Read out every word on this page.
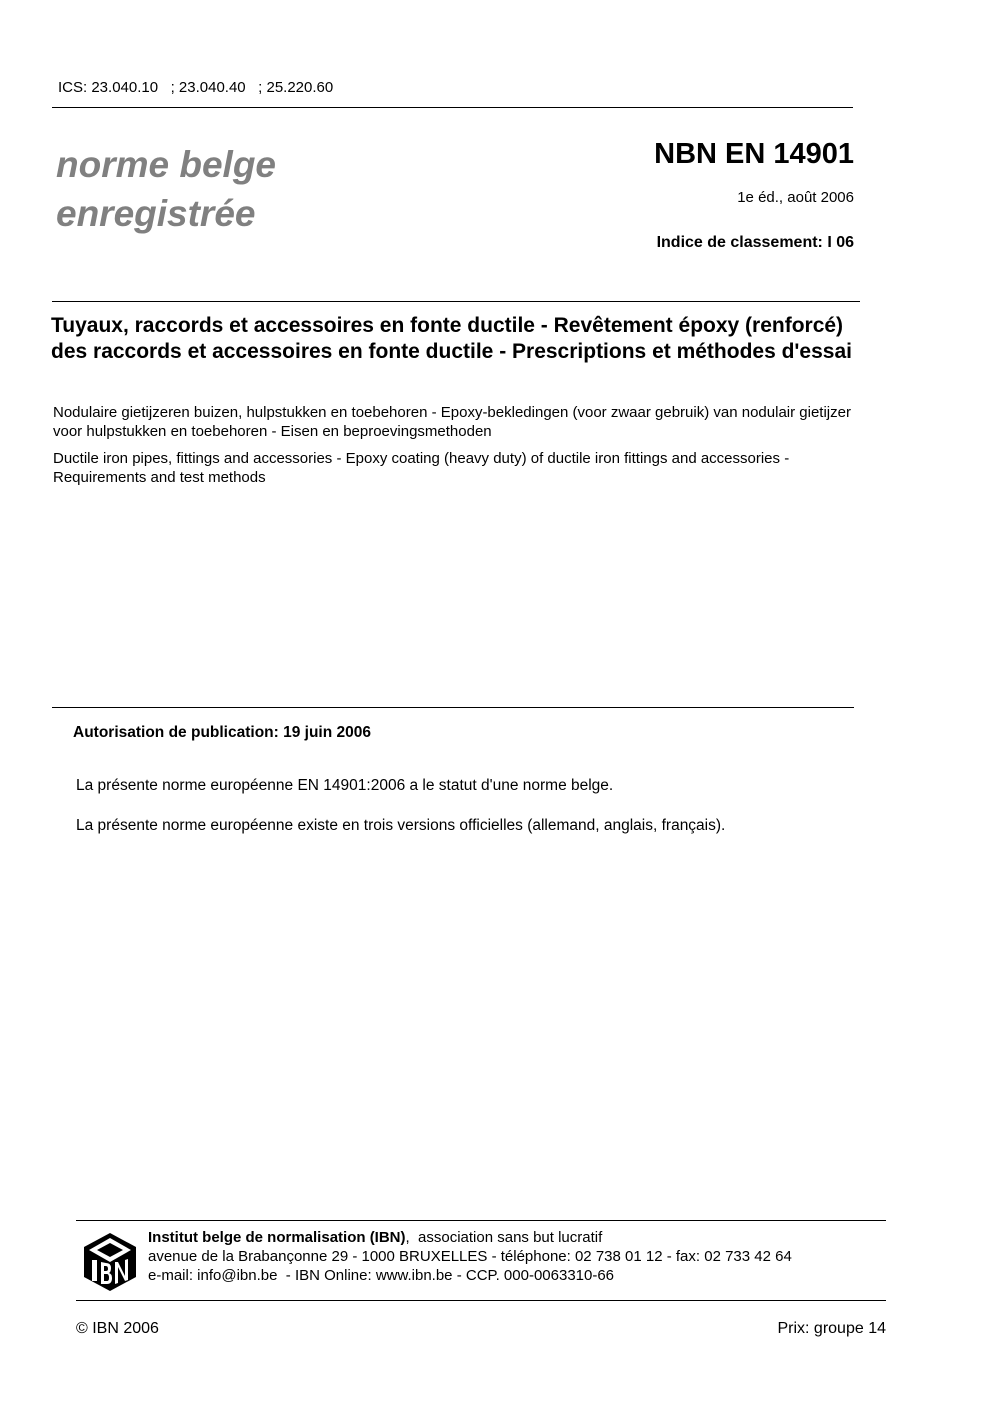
ICS: 23.040.10   ; 23.040.40   ; 25.220.60
norme belge
enregistrée
NBN EN 14901
1e éd., août 2006
Indice de classement: I 06
Tuyaux, raccords et accessoires en fonte ductile - Revêtement époxy (renforcé) des raccords et accessoires en fonte ductile - Prescriptions et méthodes d'essai
Nodulaire gietijzeren buizen, hulpstukken en toebehoren - Epoxy-bekledingen (voor zwaar gebruik) van nodulair gietijzer voor hulpstukken en toebehoren - Eisen en beproevingsmethoden
Ductile iron pipes, fittings and accessories - Epoxy coating (heavy duty) of ductile iron fittings and accessories - Requirements and test methods
Autorisation de publication: 19 juin 2006
La présente norme européenne EN 14901:2006 a le statut d'une norme belge.
La présente norme européenne existe en trois versions officielles (allemand, anglais, français).
Institut belge de normalisation (IBN),  association sans but lucratif
avenue de la Brabançonne 29 - 1000 BRUXELLES - téléphone: 02 738 01 12 - fax: 02 733 42 64
e-mail: info@ibn.be  - IBN Online: www.ibn.be - CCP. 000-0063310-66
© IBN 2006	Prix: groupe 14
